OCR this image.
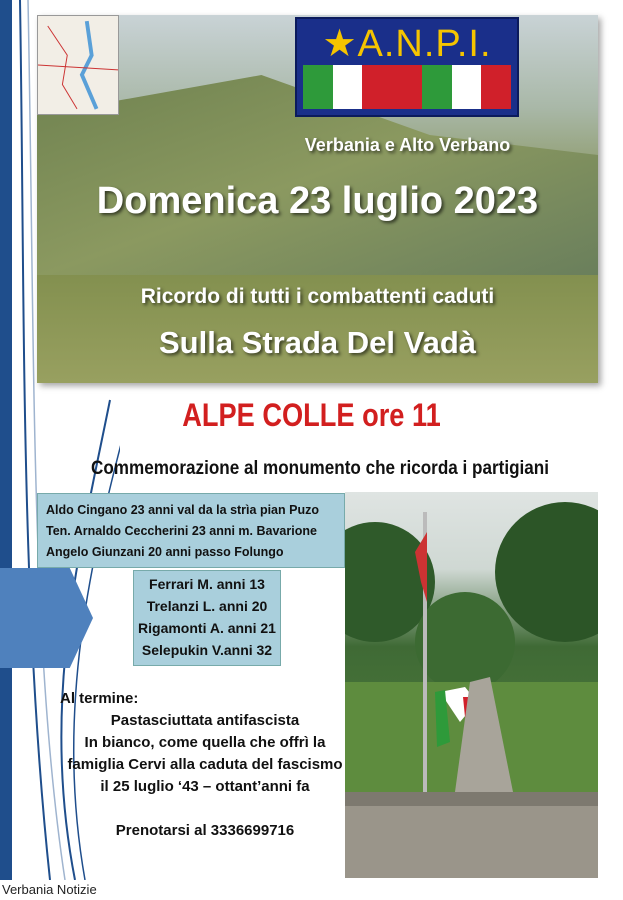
★A.N.P.I.
Verbania e Alto Verbano
Domenica 23 luglio 2023
Ricordo di tutti i combattenti caduti
Sulla Strada Del Vadà
ALPE COLLE ore 11
Commemorazione al monumento che ricorda i partigiani
Aldo Cingano 23 anni val da la strìa pian Puzo
Ten. Arnaldo Ceccherini 23 anni m. Bavarione
Angelo Giunzani 20 anni passo Folungo
Ferrari M. anni 13
Trelanzi L. anni 20
Rigamonti A. anni 21
Selepukin V.anni 32
Al termine:
Pastasciuttata antifascista
In bianco, come quella che offrì la
famiglia Cervi alla caduta del fascismo
il 25 luglio ‘43 – ottant’anni fa
Prenotarsi al 3336699716
Verbania Notizie
